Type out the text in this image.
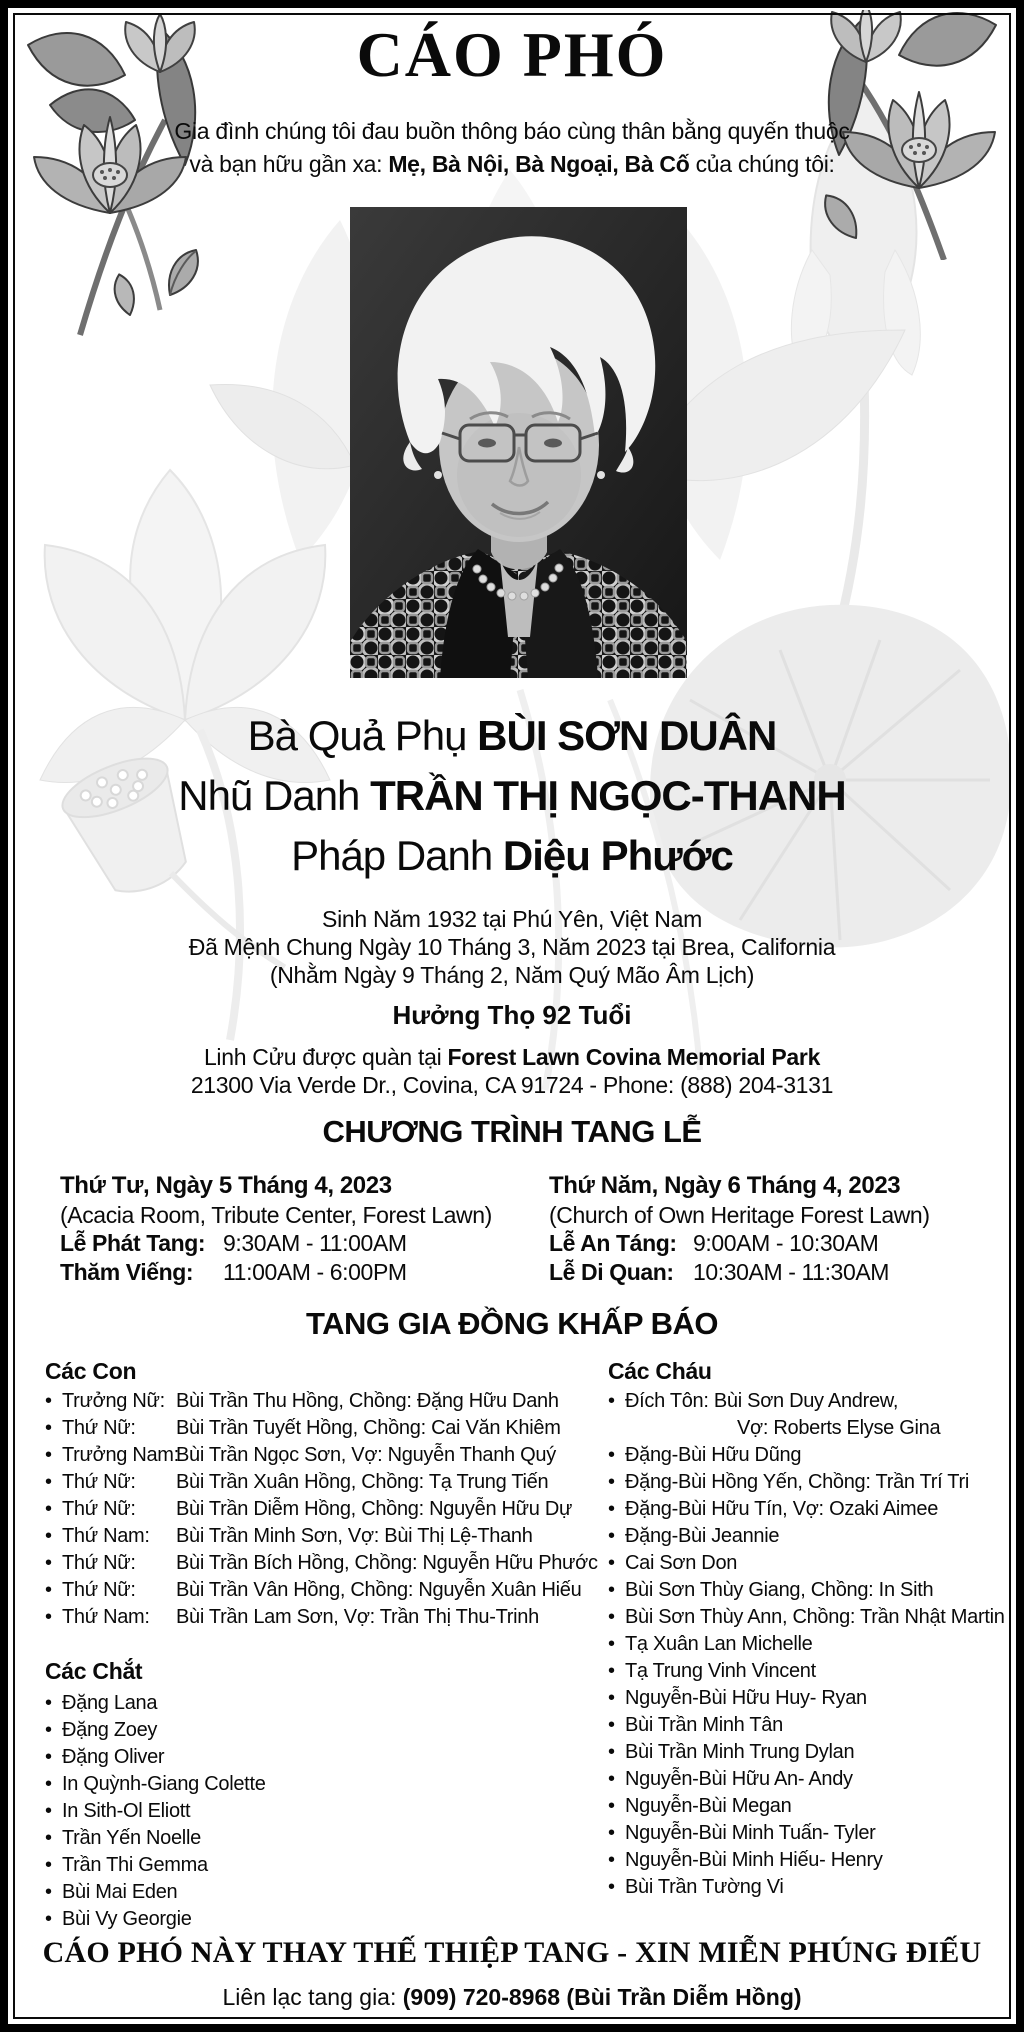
CÁO PHÓ
Gia đình chúng tôi đau buồn thông báo cùng thân bằng quyến thuộc
và bạn hữu gần xa: Mẹ, Bà Nội, Bà Ngoại, Bà Cố của chúng tôi:
Bà Quả Phụ BÙI SƠN DUÂN
Nhũ Danh TRẦN THỊ NGỌC-THANH
Pháp Danh Diệu Phước
Sinh Năm 1932 tại Phú Yên, Việt Nam
Đã Mệnh Chung Ngày 10 Tháng 3, Năm 2023 tại Brea, California
(Nhằm Ngày 9 Tháng 2, Năm Quý Mão Âm Lịch)
Hưởng Thọ 92 Tuổi
Linh Cửu được quàn tại Forest Lawn Covina Memorial Park
21300 Via Verde Dr., Covina, CA 91724 - Phone: (888) 204-3131
CHƯƠNG TRÌNH TANG LỄ
Thứ Tư, Ngày 5 Tháng 4, 2023
(Acacia Room, Tribute Center, Forest Lawn)
Lễ Phát Tang: 9:30AM - 11:00AM
Thăm Viếng: 11:00AM - 6:00PM
Thứ Năm, Ngày 6 Tháng 4, 2023
(Church of Own Heritage Forest Lawn)
Lễ An Táng: 9:00AM - 10:30AM
Lễ Di Quan: 10:30AM - 11:30AM
TANG GIA ĐỒNG KHẤP BÁO
Các Con
• Trưởng Nữ: Bùi Trần Thu Hồng, Chồng: Đặng Hữu Danh
• Thứ Nữ: Bùi Trần Tuyết Hồng, Chồng: Cai Văn Khiêm
• Trưởng Nam:Bùi Trần Ngọc Sơn, Vợ: Nguyễn Thanh Quý
• Thứ Nữ: Bùi Trần Xuân Hồng, Chồng: Tạ Trung Tiến
• Thứ Nữ: Bùi Trần Diễm Hồng, Chồng: Nguyễn Hữu Dự
• Thứ Nam: Bùi Trần Minh Sơn, Vợ: Bùi Thị Lệ-Thanh
• Thứ Nữ: Bùi Trần Bích Hồng, Chồng: Nguyễn Hữu Phước
• Thứ Nữ: Bùi Trần Vân Hồng, Chồng: Nguyễn Xuân Hiếu
• Thứ Nam: Bùi Trần Lam Sơn, Vợ: Trần Thị Thu-Trinh
Các Chắt
• Đặng Lana
• Đặng Zoey
• Đặng Oliver
• In Quỳnh-Giang Colette
• In Sith-Ol Eliott
• Trần Yến Noelle
• Trần Thi Gemma
• Bùi Mai Eden
• Bùi Vy Georgie
Các Cháu
• Đích Tôn: Bùi Sơn Duy Andrew,
Vợ: Roberts Elyse Gina
• Đặng-Bùi Hữu Dũng
• Đặng-Bùi Hồng Yến, Chồng: Trần Trí Tri
• Đặng-Bùi Hữu Tín, Vợ: Ozaki Aimee
• Đặng-Bùi Jeannie
• Cai Sơn Don
• Bùi Sơn Thùy Giang, Chồng: In Sith
• Bùi Sơn Thùy Ann, Chồng: Trần Nhật Martin
• Tạ Xuân Lan Michelle
• Tạ Trung Vinh Vincent
• Nguyễn-Bùi Hữu Huy- Ryan
• Bùi Trần Minh Tân
• Bùi Trần Minh Trung Dylan
• Nguyễn-Bùi Hữu An- Andy
• Nguyễn-Bùi Megan
• Nguyễn-Bùi Minh Tuấn- Tyler
• Nguyễn-Bùi Minh Hiếu- Henry
• Bùi Trần Tường Vi
CÁO PHÓ NÀY THAY THẾ THIỆP TANG - XIN MIỄN PHÚNG ĐIẾU
Liên lạc tang gia: (909) 720-8968 (Bùi Trần Diễm Hồng)
